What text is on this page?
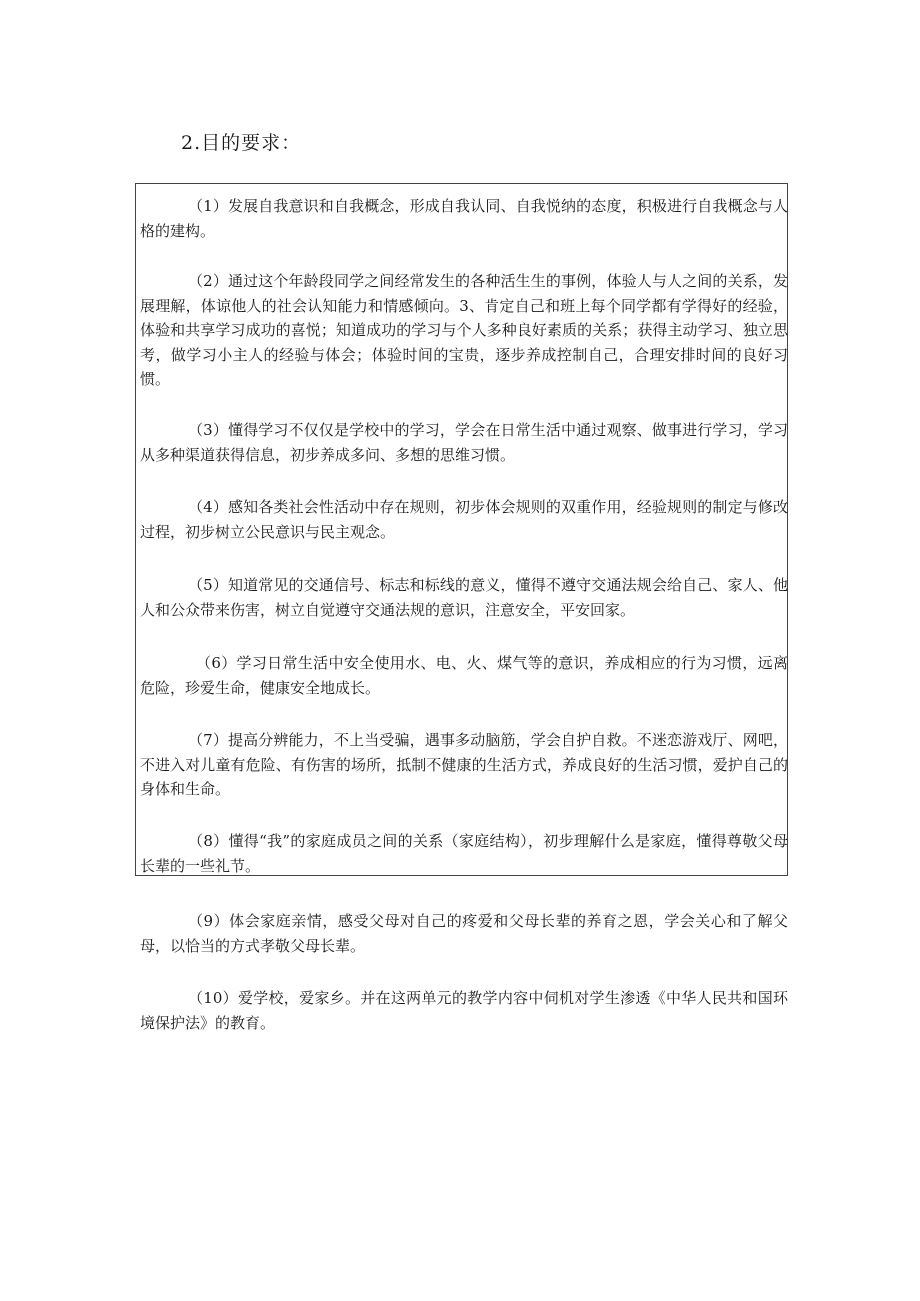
2.目的要求：

（1）发展自我意识和自我概念，形成自我认同、自我悦纳的态度，积极进行自我概念与人格的建构。

（2）通过这个年龄段同学之间经常发生的各种活生生的事例，体验人与人之间的关系，发展理解，体谅他人的社会认知能力和情感倾向。3、肯定自己和班上每个同学都有学得好的经验，体验和共享学习成功的喜悦；知道成功的学习与个人多种良好素质的关系；获得主动学习、独立思考，做学习小主人的经验与体会；体验时间的宝贵，逐步养成控制自己，合理安排时间的良好习惯。

（3）懂得学习不仅仅是学校中的学习，学会在日常生活中通过观察、做事进行学习，学习从多种渠道获得信息，初步养成多问、多想的思维习惯。

（4）感知各类社会性活动中存在规则，初步体会规则的双重作用，经验规则的制定与修改过程，初步树立公民意识与民主观念。

（5）知道常见的交通信号、标志和标线的意义，懂得不遵守交通法规会给自己、家人、他人和公众带来伤害，树立自觉遵守交通法规的意识，注意安全，平安回家。

（6）学习日常生活中安全使用水、电、火、煤气等的意识，养成相应的行为习惯，远离危险，珍爱生命，健康安全地成长。

（7）提高分辨能力，不上当受骗，遇事多动脑筋，学会自护自救。不迷恋游戏厅、网吧，不进入对儿童有危险、有伤害的场所，抵制不健康的生活方式，养成良好的生活习惯，爱护自己的身体和生命。

（8）懂得“我”的家庭成员之间的关系（家庭结构），初步理解什么是家庭，懂得尊敬父母长辈的一些礼节。

（9）体会家庭亲情，感受父母对自己的疼爱和父母长辈的养育之恩，学会关心和了解父母，以恰当的方式孝敬父母长辈。

（10）爱学校，爱家乡。并在这两单元的教学内容中伺机对学生渗透《中华人民共和国环境保护法》的教育。
